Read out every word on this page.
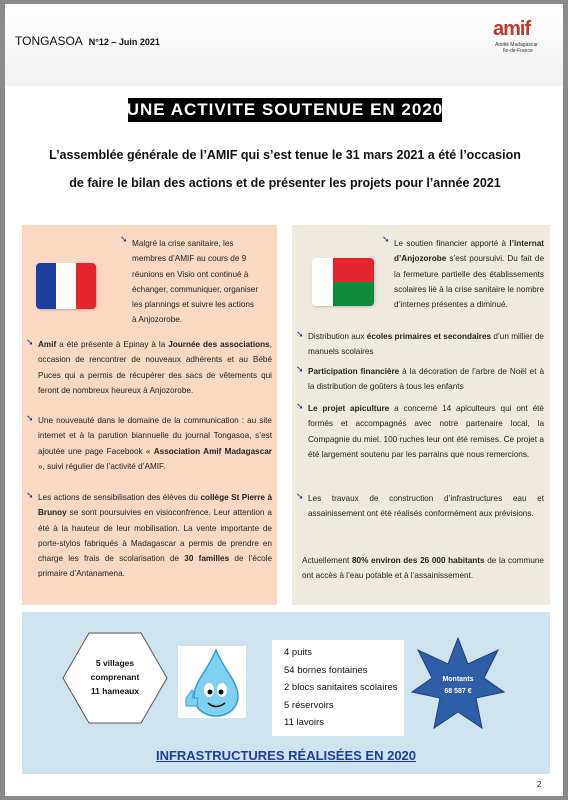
TONGASOA N°12 – Juin 2021
amif
Amitié Madagascar
Ile-de-France
UNE ACTIVITE SOUTENUE EN 2020
L’assemblée générale de l’AMIF qui s’est tenue le 31 mars 2021 a été l’occasion
de faire le bilan des actions et de présenter les projets pour l’année 2021
➘ Malgré la crise sanitaire, les
membres d’AMIF au cours de 9
réunions en Visio ont continué à
échanger, communiquer, organiser
les plannings et suivre les actions
à Anjozorobe.
➘ Amif a été présente à Epinay à la Journée des associations, occasion de rencontrer de nouveaux adhérents et au Bébé Puces qui a permis de récupérer des sacs de vêtements qui feront de nombreux heureux à Anjozorobe.
➘ Une nouveauté dans le domaine de la communication : au site internet et à la parution biannuelle du journal Tongasoa, s’est ajoutée une page Facebook « Association Amif Madagascar », suivi régulier de l’activité d’AMIF.
➘ Les actions de sensibilisation des élèves du collège St Pierre à Brunoy se sont poursuivies en visioconfrence. Leur attention a été à la hauteur de leur mobilisation. La vente importante de porte-stylos fabriqués à Madagascar a permis de prendre en charge les frais de scolarisation de 30 familles de l’école primaire d’Antanamena.
➘ Le soutien financier apporté à l’internat d’Anjozorobe s’est poursuivi. Du fait de la fermeture partielle des établissements scolaires lié à la crise sanitaire le nombre d’internes présentes a diminué.
➘ Distribution aux écoles primaires et secondaires d’un millier de manuels scolaires
➘ Participation financière à la décoration de l’arbre de Noël et à la distribution de goûters à tous les enfants
➘ Le projet apiculture a concerné 14 apiculteurs qui ont été formés et accompagnés avec notre partenaire local, la Compagnie du miel. 100 ruches leur ont été remises. Ce projet a été largement soutenu par les parrains que nous remercions.
➘ Les travaux de construction d’infrastructures eau et assainissement ont été réalisés conformément aux prévisions.
Actuellement 80% environ des 26 000 habitants de la commune ont accès à l’eau potable et à l’assainissement.
5 villages
comprenant
11 hameaux
4 puits
54 bornes fontaines
2 blocs sanitaires scolaires
5 réservoirs
11 lavoirs
Montants
68 587 €
INFRASTRUCTURES RÉALISÉES EN 2020
2
